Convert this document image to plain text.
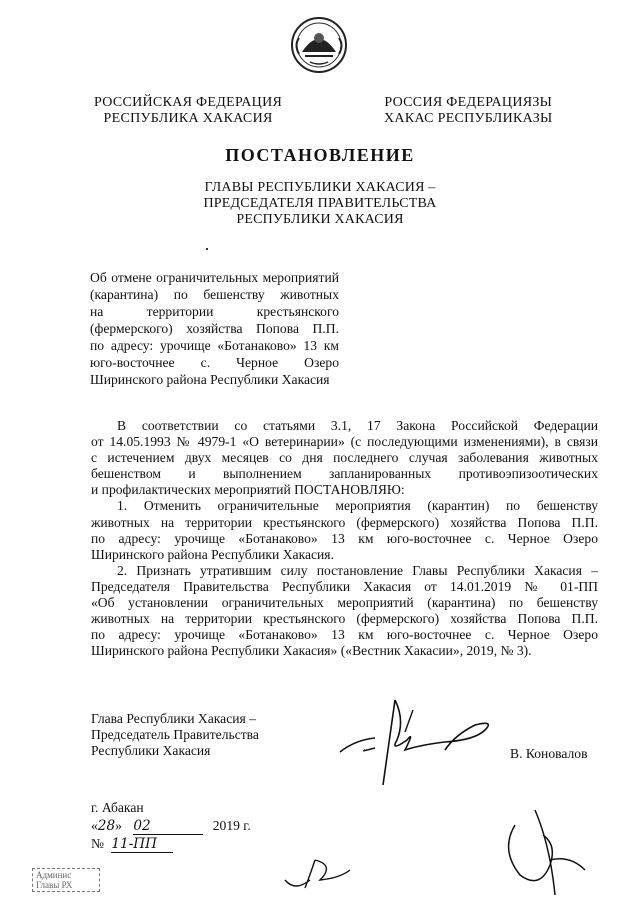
РОССИЙСКАЯ ФЕДЕРАЦИЯ
РЕСПУБЛИКА ХАКАСИЯ
РОССИЯ ФЕДЕРАЦИЯЗЫ
ХАКАС РЕСПУБЛИКАЗЫ
ПОСТАНОВЛЕНИЕ
ГЛАВЫ РЕСПУБЛИКИ ХАКАСИЯ –
ПРЕДСЕДАТЕЛЯ ПРАВИТЕЛЬСТВА
РЕСПУБЛИКИ ХАКАСИЯ
Об отмене ограничительных мероприятий
(карантина) по бешенству животных
на территории крестьянского
(фермерского) хозяйства Попова П.П.
по адресу: урочище «Ботанаково» 13 км
юго-восточнее с. Черное Озеро
Ширинского района Республики Хакасия

В соответствии со статьями 3.1, 17 Закона Российской Федерации
от 14.05.1993 № 4979-1 «О ветеринарии» (с последующими изменениями), в связи
с истечением двух месяцев со дня последнего случая заболевания животных
бешенством и выполнением запланированных противоэпизоотических
и профилактических мероприятий ПОСТАНОВЛЯЮ:

1. Отменить ограничительные мероприятия (карантин) по бешенству
животных на территории крестьянского (фермерского) хозяйства Попова П.П.
по адресу: урочище «Ботанаково» 13 км юго-восточнее с. Черное Озеро
Ширинского района Республики Хакасия.

2. Признать утратившим силу постановление Главы Республики Хакасия –
Председателя Правительства Республики Хакасия от 14.01.2019 № 01-ПП
«Об установлении ограничительных мероприятий (карантина) по бешенству
животных на территории крестьянского (фермерского) хозяйства Попова П.П.
по адресу: урочище «Ботанаково» 13 км юго-восточнее с. Черное Озеро
Ширинского района Республики Хакасия» («Вестник Хакасии», 2019, № 3).

Глава Республики Хакасия –
Председатель Правительства
Республики Хакасия	В. Коновалов
г. Абакан
«28» 02	2019 г.
№ 11-ПП
Админис
Главы РХ
